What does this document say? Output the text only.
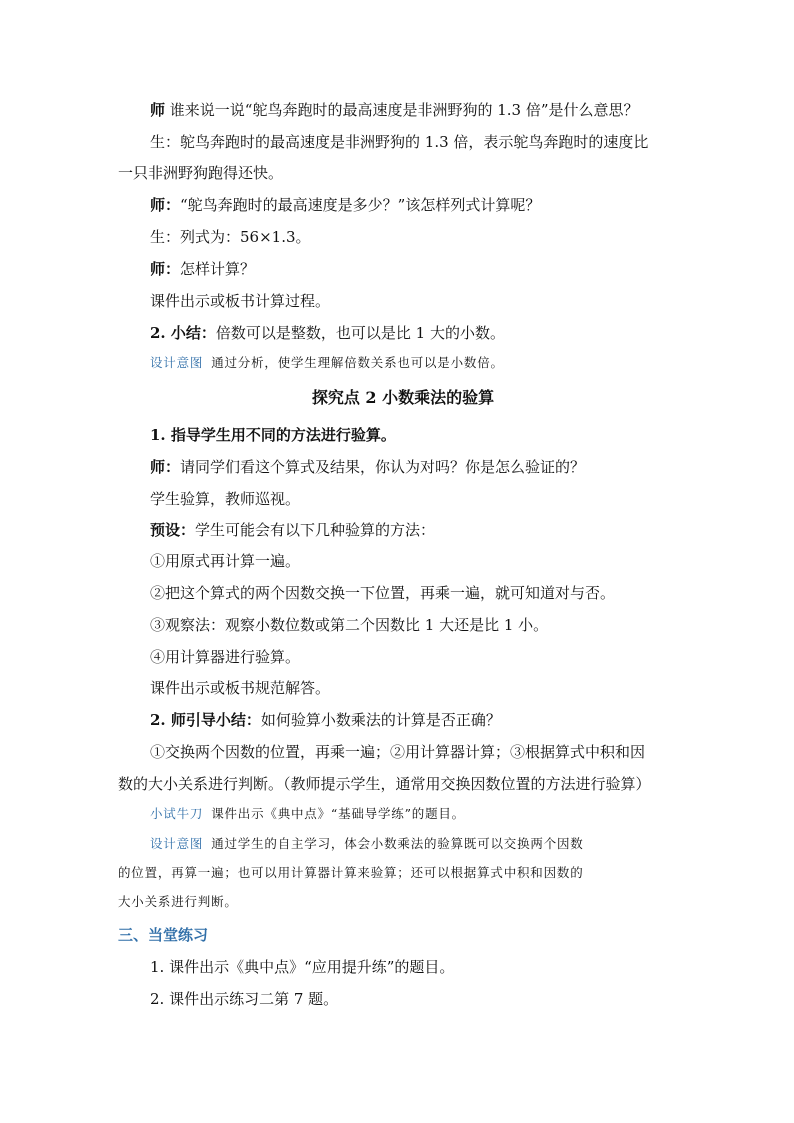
师 谁来说一说“鸵鸟奔跑时的最高速度是非洲野狗的 1.3 倍”是什么意思？
生：鸵鸟奔跑时的最高速度是非洲野狗的 1.3 倍，表示鸵鸟奔跑时的速度比
一只非洲野狗跑得还快。
师：“鸵鸟奔跑时的最高速度是多少？”该怎样列式计算呢？
生：列式为：56×1.3。
师：怎样计算？
课件出示或板书计算过程。
2. 小结：倍数可以是整数，也可以是比 1 大的小数。
设计意图 通过分析，使学生理解倍数关系也可以是小数倍。
探究点 2 小数乘法的验算
1. 指导学生用不同的方法进行验算。
师：请同学们看这个算式及结果，你认为对吗？你是怎么验证的？
学生验算，教师巡视。
预设：学生可能会有以下几种验算的方法：
①用原式再计算一遍。
②把这个算式的两个因数交换一下位置，再乘一遍，就可知道对与否。
③观察法：观察小数位数或第二个因数比 1 大还是比 1 小。
④用计算器进行验算。
课件出示或板书规范解答。
2. 师引导小结：如何验算小数乘法的计算是否正确？
①交换两个因数的位置，再乘一遍；②用计算器计算；③根据算式中积和因
数的大小关系进行判断。（教师提示学生，通常用交换因数位置的方法进行验算）
小试牛刀 课件出示《典中点》“基础导学练”的题目。
设计意图 通过学生的自主学习，体会小数乘法的验算既可以交换两个因数
的位置，再算一遍；也可以用计算器计算来验算；还可以根据算式中积和因数的
大小关系进行判断。
三、当堂练习
1. 课件出示《典中点》“应用提升练”的题目。
2. 课件出示练习二第 7 题。
